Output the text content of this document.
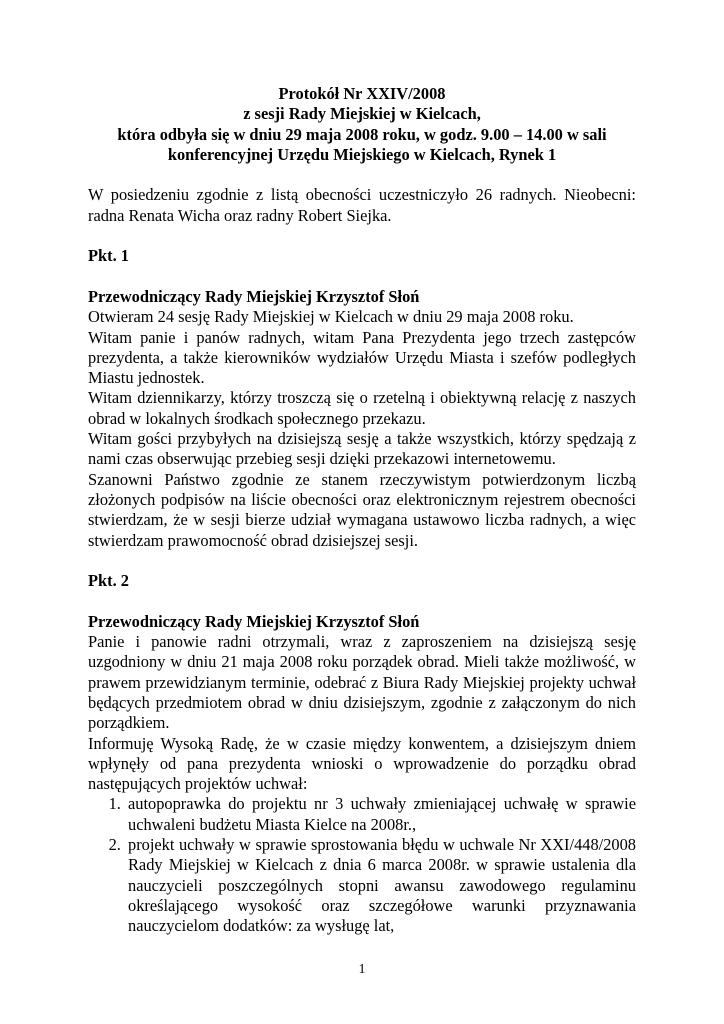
Protokół Nr XXIV/2008
z sesji Rady Miejskiej w Kielcach,
która odbyła się w dniu 29 maja 2008 roku, w godz. 9.00 – 14.00 w sali
konferencyjnej Urzędu Miejskiego w Kielcach, Rynek 1

W posiedzeniu zgodnie z listą obecności uczestniczyło 26 radnych. Nieobecni: radna Renata Wicha oraz radny Robert Siejka.

Pkt. 1

Przewodniczący Rady Miejskiej Krzysztof Słoń

Otwieram 24 sesję Rady Miejskiej w Kielcach w dniu 29 maja 2008 roku.

Witam panie i panów radnych, witam Pana Prezydenta jego trzech zastępców prezydenta, a także kierowników wydziałów Urzędu Miasta i szefów podległych Miastu jednostek.

Witam dziennikarzy, którzy troszczą się o rzetelną i obiektywną relację z naszych obrad w lokalnych środkach społecznego przekazu.

Witam gości przybyłych na dzisiejszą sesję a także wszystkich, którzy spędzają z nami czas obserwując przebieg sesji dzięki przekazowi internetowemu.

Szanowni Państwo zgodnie ze stanem rzeczywistym potwierdzonym liczbą złożonych podpisów na liście obecności oraz elektronicznym rejestrem obecności stwierdzam, że w sesji bierze udział wymagana ustawowo liczba radnych, a więc stwierdzam prawomocność obrad dzisiejszej sesji.

Pkt. 2

Przewodniczący Rady Miejskiej Krzysztof Słoń

Panie i panowie radni otrzymali, wraz z zaproszeniem na dzisiejszą sesję uzgodniony w dniu 21 maja 2008 roku porządek obrad. Mieli także możliwość, w prawem przewidzianym terminie, odebrać z Biura Rady Miejskiej projekty uchwał będących przedmiotem obrad w dniu dzisiejszym, zgodnie z załączonym do nich porządkiem.

Informuję Wysoką Radę, że w czasie między konwentem, a dzisiejszym dniem wpłynęły od pana prezydenta wnioski o wprowadzenie do porządku obrad następujących projektów uchwał:

1. autopoprawka do projektu nr 3 uchwały zmieniającej uchwałę w sprawie uchwaleni budżetu Miasta Kielce na 2008r.,
2. projekt uchwały w sprawie sprostowania błędu w uchwale Nr XXI/448/2008 Rady Miejskiej w Kielcach z dnia 6 marca 2008r. w sprawie ustalenia dla nauczycieli poszczególnych stopni awansu zawodowego regulaminu określającego wysokość oraz szczegółowe warunki przyznawania nauczycielom dodatków: za wysługę lat,
1
